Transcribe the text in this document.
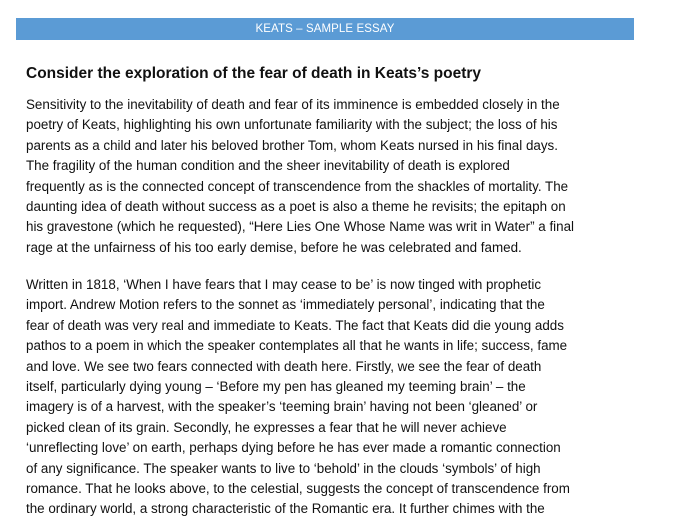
KEATS – SAMPLE ESSAY
Consider the exploration of the fear of death in Keats’s poetry
Sensitivity to the inevitability of death and fear of its imminence is embedded closely in the
poetry of Keats, highlighting his own unfortunate familiarity with the subject; the loss of his
parents as a child and later his beloved brother Tom, whom Keats nursed in his final days.
The fragility of the human condition and the sheer inevitability of death is explored
frequently as is the connected concept of transcendence from the shackles of mortality. The
daunting idea of death without success as a poet is also a theme he revisits; the epitaph on
his gravestone (which he requested), “Here Lies One Whose Name was writ in Water” a final
rage at the unfairness of his too early demise, before he was celebrated and famed.
Written in 1818, ‘When I have fears that I may cease to be’ is now tinged with prophetic
import. Andrew Motion refers to the sonnet as ‘immediately personal’, indicating that the
fear of death was very real and immediate to Keats. The fact that Keats did die young adds
pathos to a poem in which the speaker contemplates all that he wants in life; success, fame
and love. We see two fears connected with death here. Firstly, we see the fear of death
itself, particularly dying young – ‘Before my pen has gleaned my teeming brain’ – the
imagery is of a harvest, with the speaker’s ‘teeming brain’ having not been ‘gleaned’ or
picked clean of its grain. Secondly, he expresses a fear that he will never achieve
‘unreflecting love’ on earth, perhaps dying before he has ever made a romantic connection
of any significance. The speaker wants to live to ‘behold’ in the clouds ‘symbols’ of high
romance. That he looks above, to the celestial, suggests the concept of transcendence from
the ordinary world, a strong characteristic of the Romantic era. It further chimes with the
